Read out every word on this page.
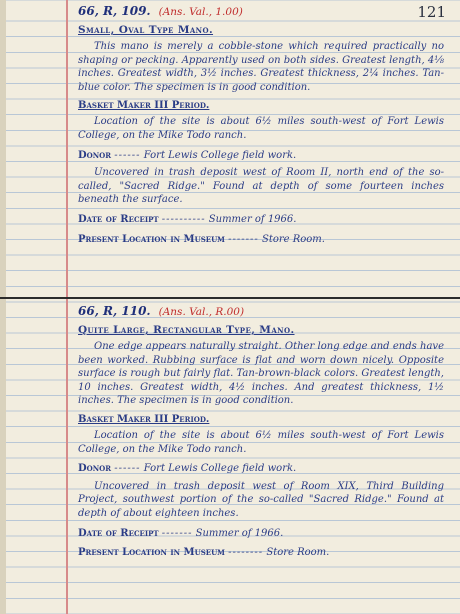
121
66, R, 109. (Ans. Val., 1.00)
Small, Oval Type Mano.
This mano is merely a cobble-stone which required practically no shaping or pecking. Apparently used on both sides. Greatest length, 4⅛ inches. Greatest width, 3½ inches. Greatest thickness, 2¼ inches. Tan-blue color. The specimen is in good condition.
Basket Maker III Period.
Location of the site is about 6½ miles south-west of Fort Lewis College, on the Mike Todo ranch.
Donor ------ Fort Lewis College field work.
Uncovered in trash deposit west of Room II, north end of the so-called, "Sacred Ridge." Found at depth of some fourteen inches beneath the surface.
Date of Receipt ---------- Summer of 1966.
Present Location in Museum ------- Store Room.
66, R, 110. (Ans. Val., R.00)
Quite Large, Rectangular Type, Mano.
One edge appears naturally straight. Other long edge and ends have been worked. Rubbing surface is flat and worn down nicely. Opposite surface is rough but fairly flat. Tan-brown-black colors. Greatest length, 10 inches. Greatest width, 4½ inches. And greatest thickness, 1½ inches. The specimen is in good condition.
Basket Maker III Period.
Location of the site is about 6½ miles south-west of Fort Lewis College, on the Mike Todo ranch.
Donor ------ Fort Lewis College field work.
Uncovered in trash deposit west of Room XIX, Third Building Project, southwest portion of the so-called "Sacred Ridge." Found at depth of about eighteen inches.
Date of Receipt ------- Summer of 1966.
Present Location in Museum -------- Store Room.
